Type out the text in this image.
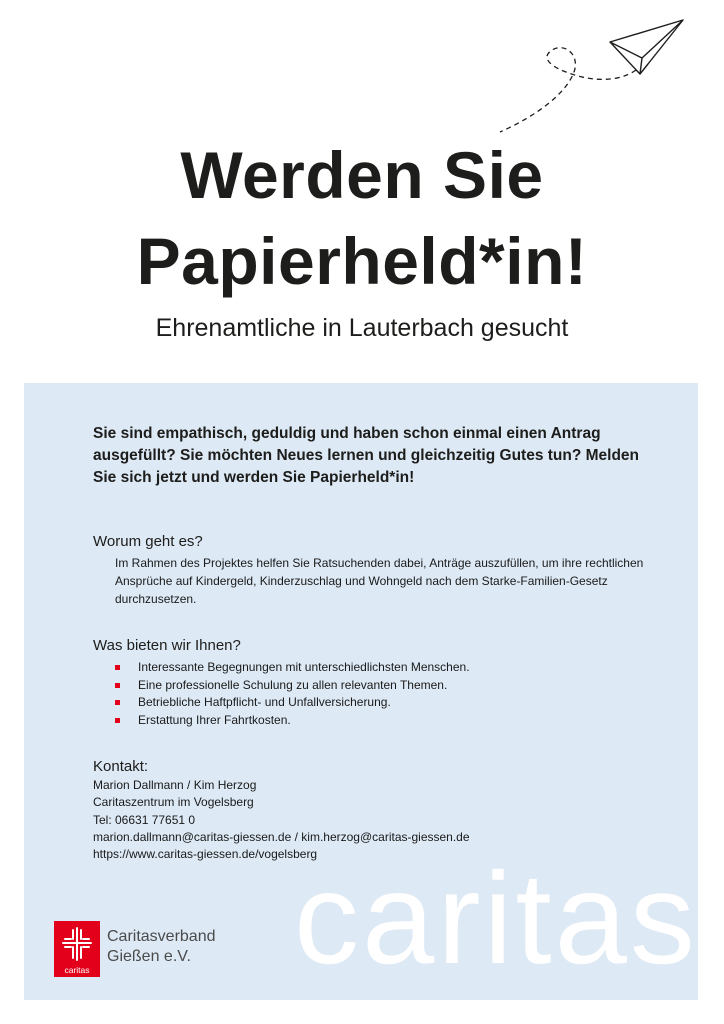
Werden Sie
Papierheld*in!
Ehrenamtliche in Lauterbach gesucht
caritas

Sie sind empathisch, geduldig und haben schon einmal einen Antrag ausgefüllt? Sie möchten Neues lernen und gleichzeitig Gutes tun? Melden Sie sich jetzt und werden Sie Papierheld*in!

Worum geht es?

Im Rahmen des Projektes helfen Sie Ratsuchenden dabei, Anträge auszufüllen, um ihre rechtlichen Ansprüche auf Kindergeld, Kinderzuschlag und Wohngeld nach dem Starke-Familien-Gesetz durchzusetzen.

Was bieten wir Ihnen?
Interessante Begegnungen mit unterschiedlichsten Menschen.
Eine professionelle Schulung zu allen relevanten Themen.
Betriebliche Haftpflicht- und Unfallversicherung.
Erstattung Ihrer Fahrtkosten.
Kontakt:
Marion Dallmann / Kim Herzog
Caritaszentrum im Vogelsberg
Tel: 06631 77651 0
marion.dallmann@caritas-giessen.de / kim.herzog@caritas-giessen.de
https://www.caritas-giessen.de/vogelsberg
caritas
Caritasverband
Gießen e.V.
